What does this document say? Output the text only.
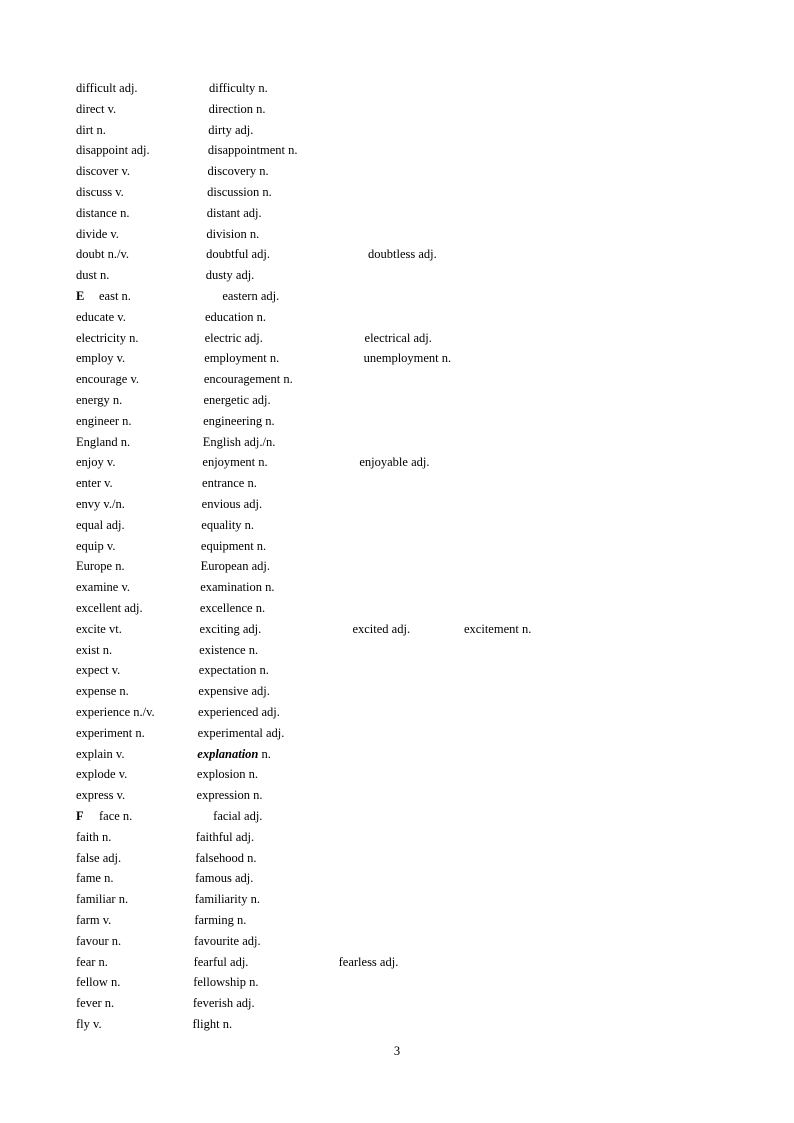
difficult adj.	difficulty n.
direct v.	direction n.
dirt n.	dirty adj.
disappoint adj.	disappointment n.
discover v.	discovery n.
discuss v.	discussion n.
distance n.	distant adj.
divide v.	division n.
doubt n./v.	doubtful adj.	doubtless adj.
dust n.	dusty adj.
E east n.	eastern adj.
educate v.	education n.
electricity n.	electric adj.	electrical adj.
employ v.	employment n.	unemployment n.
encourage v.	encouragement n.
energy n.	energetic adj.
engineer n.	engineering n.
England n.	English adj./n.
enjoy v.	enjoyment n.	enjoyable adj.
enter v.	entrance n.
envy v./n.	envious adj.
equal adj.	equality n.
equip v.	equipment n.
Europe n.	European adj.
examine v.	examination n.
excellent adj.	excellence n.
excite vt.	exciting adj.	excited adj.	excitement n.
exist n.	existence n.
expect v.	expectation n.
expense n.	expensive adj.
experience n./v.	experienced adj.
experiment n.	experimental adj.
explain v.	explanation n.
explode v.	explosion n.
express v.	expression n.
F face n.	facial adj.
faith n.	faithful adj.
false adj.	falsehood n.
fame n.	famous adj.
familiar n.	familiarity n.
farm v.	farming n.
favour n.	favourite adj.
fear n.	fearful adj.	fearless adj.
fellow n.	fellowship n.
fever n.	feverish adj.
fly v.	flight n.
3
